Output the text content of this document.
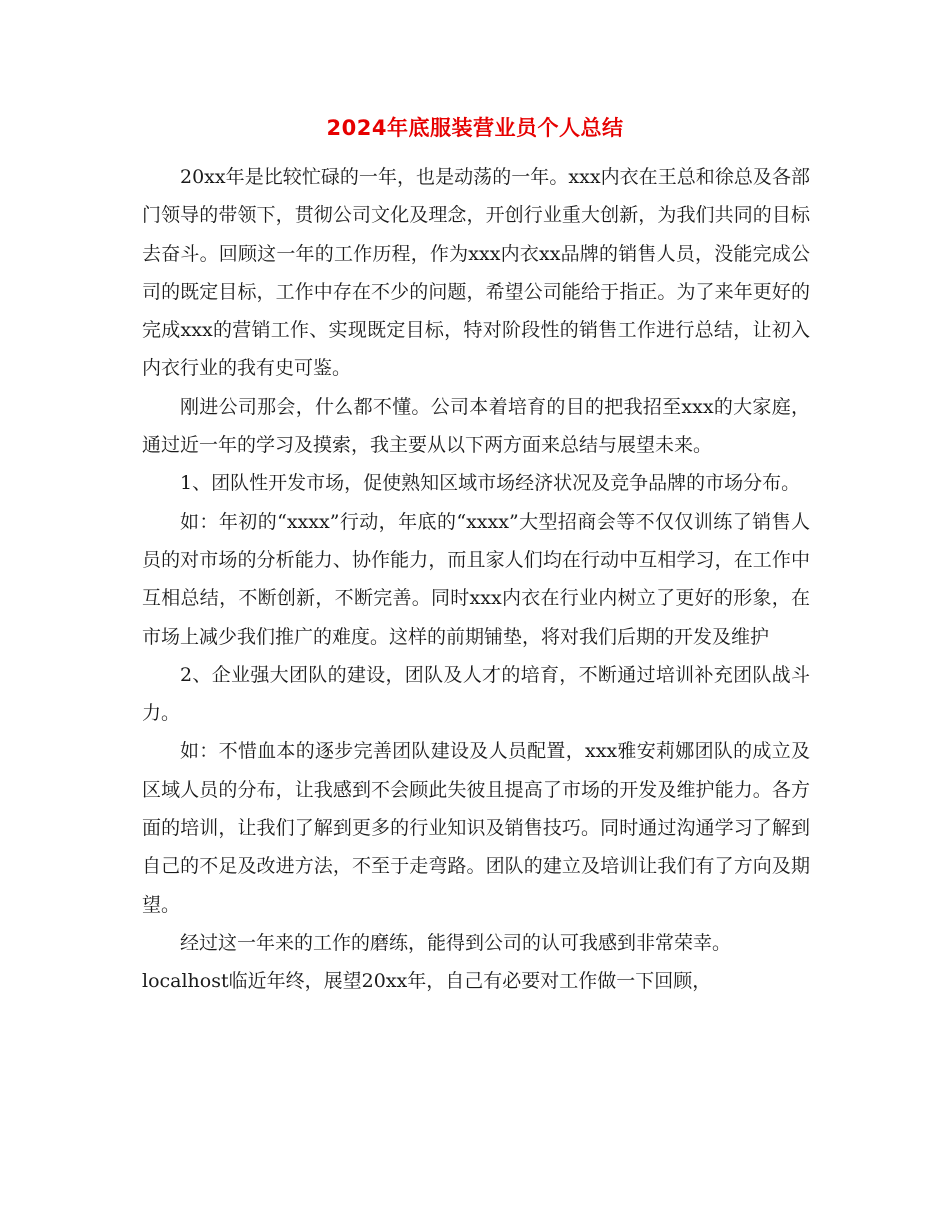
2024年底服装营业员个人总结

20xx年是比较忙碌的一年，也是动荡的一年。xxx内衣在王总和徐总及各部门领导的带领下，贯彻公司文化及理念，开创行业重大创新，为我们共同的目标去奋斗。回顾这一年的工作历程，作为xxx内衣xx品牌的销售人员，没能完成公司的既定目标，工作中存在不少的问题，希望公司能给于指正。为了来年更好的完成xxx的营销工作、实现既定目标，特对阶段性的销售工作进行总结，让初入内衣行业的我有史可鉴。

刚进公司那会，什么都不懂。公司本着培育的目的把我招至xxx的大家庭，通过近一年的学习及摸索，我主要从以下两方面来总结与展望未来。

1、团队性开发市场，促使熟知区域市场经济状况及竞争品牌的市场分布。

如：年初的“xxxx”行动，年底的“xxxx”大型招商会等不仅仅训练了销售人员的对市场的分析能力、协作能力，而且家人们均在行动中互相学习，在工作中互相总结，不断创新，不断完善。同时xxx内衣在行业内树立了更好的形象，在市场上减少我们推广的难度。这样的前期铺垫，将对我们后期的开发及维护

2、企业强大团队的建设，团队及人才的培育，不断通过培训补充团队战斗力。

如：不惜血本的逐步完善团队建设及人员配置，xxx雅安莉娜团队的成立及区域人员的分布，让我感到不会顾此失彼且提高了市场的开发及维护能力。各方面的培训，让我们了解到更多的行业知识及销售技巧。同时通过沟通学习了解到自己的不足及改进方法，不至于走弯路。团队的建立及培训让我们有了方向及期望。

经过这一年来的工作的磨练，能得到公司的认可我感到非常荣幸。

localhost临近年终，展望20xx年，自己有必要对工作做一下回顾，
